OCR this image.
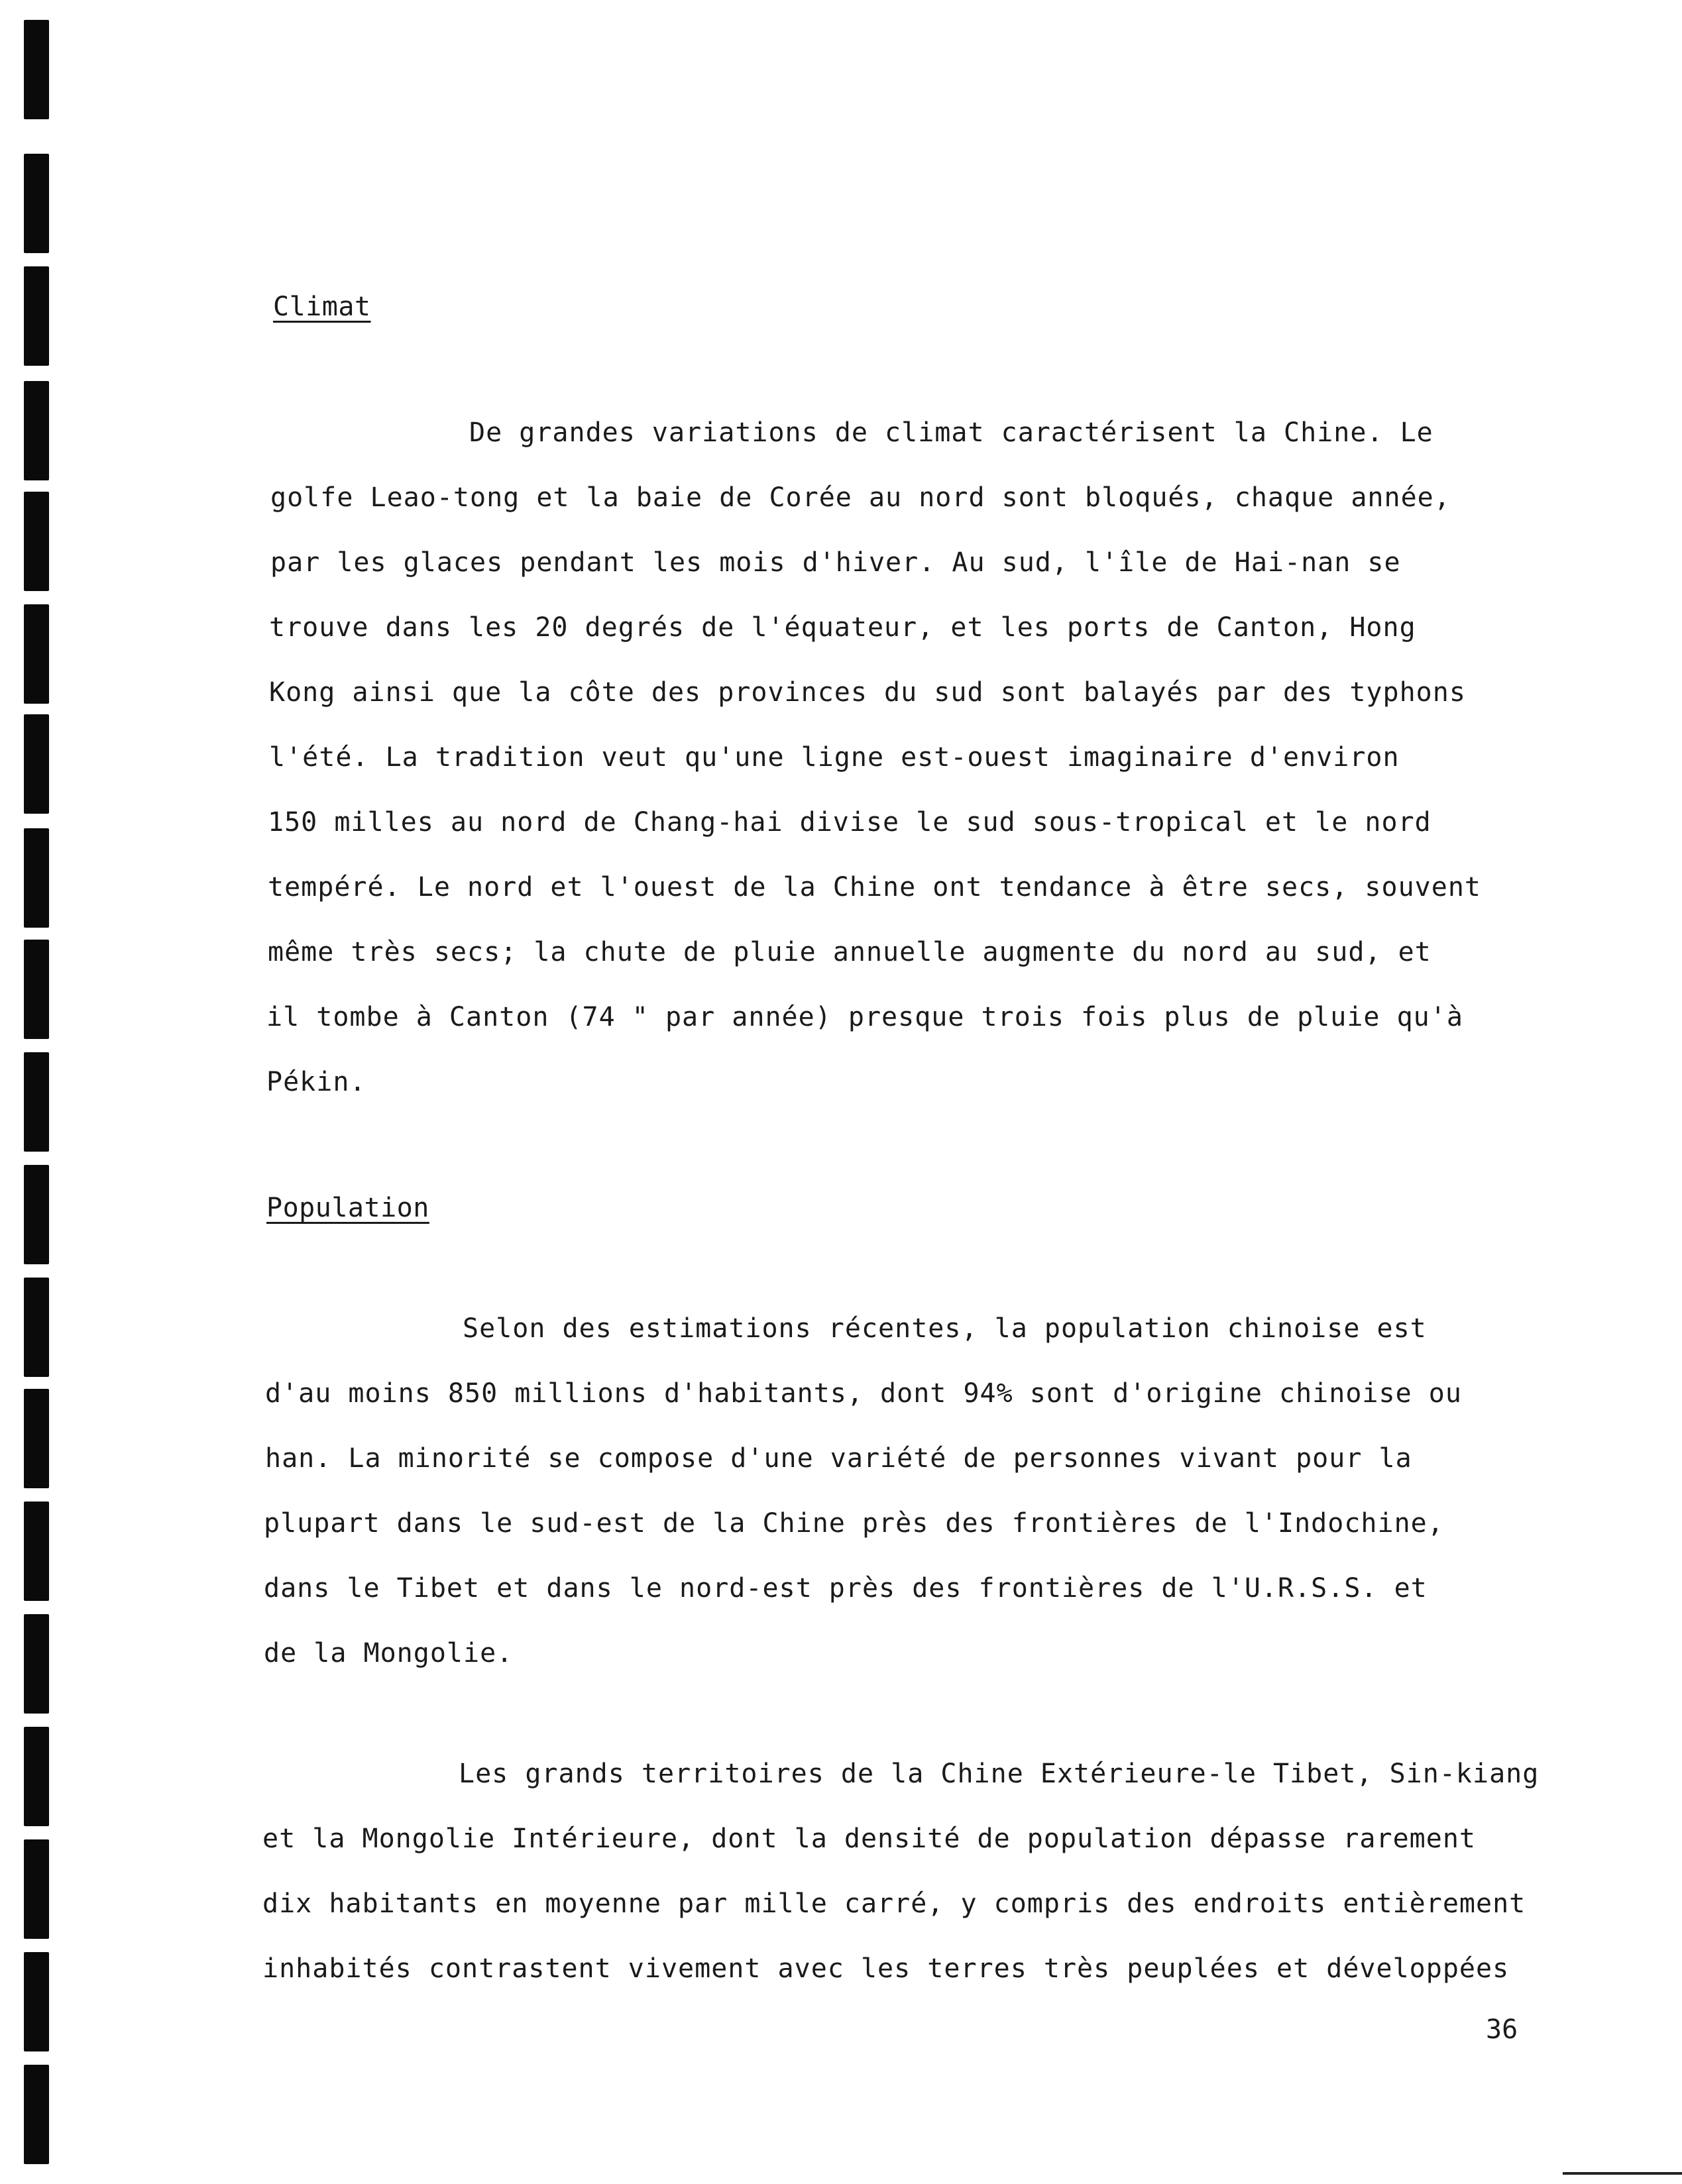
Climat
De grandes variations de climat caractérisent la Chine. Le
golfe Leao-tong et la baie de Corée au nord sont bloqués, chaque année,
par les glaces pendant les mois d'hiver. Au sud, l'île de Hai-nan se
trouve dans les 20 degrés de l'équateur, et les ports de Canton, Hong
Kong ainsi que la côte des provinces du sud sont balayés par des typhons
l'été. La tradition veut qu'une ligne est-ouest imaginaire d'environ
150 milles au nord de Chang-hai divise le sud sous-tropical et le nord
tempéré. Le nord et l'ouest de la Chine ont tendance à être secs, souvent
même très secs; la chute de pluie annuelle augmente du nord au sud, et
il tombe à Canton (74 " par année) presque trois fois plus de pluie qu'à
Pékin.
Population
Selon des estimations récentes, la population chinoise est
d'au moins 850 millions d'habitants, dont 94% sont d'origine chinoise ou
han. La minorité se compose d'une variété de personnes vivant pour la
plupart dans le sud-est de la Chine près des frontières de l'Indochine,
dans le Tibet et dans le nord-est près des frontières de l'U.R.S.S. et
de la Mongolie.
Les grands territoires de la Chine Extérieure-le Tibet, Sin-kiang
et la Mongolie Intérieure, dont la densité de population dépasse rarement
dix habitants en moyenne par mille carré, y compris des endroits entièrement
inhabités contrastent vivement avec les terres très peuplées et développées
36
